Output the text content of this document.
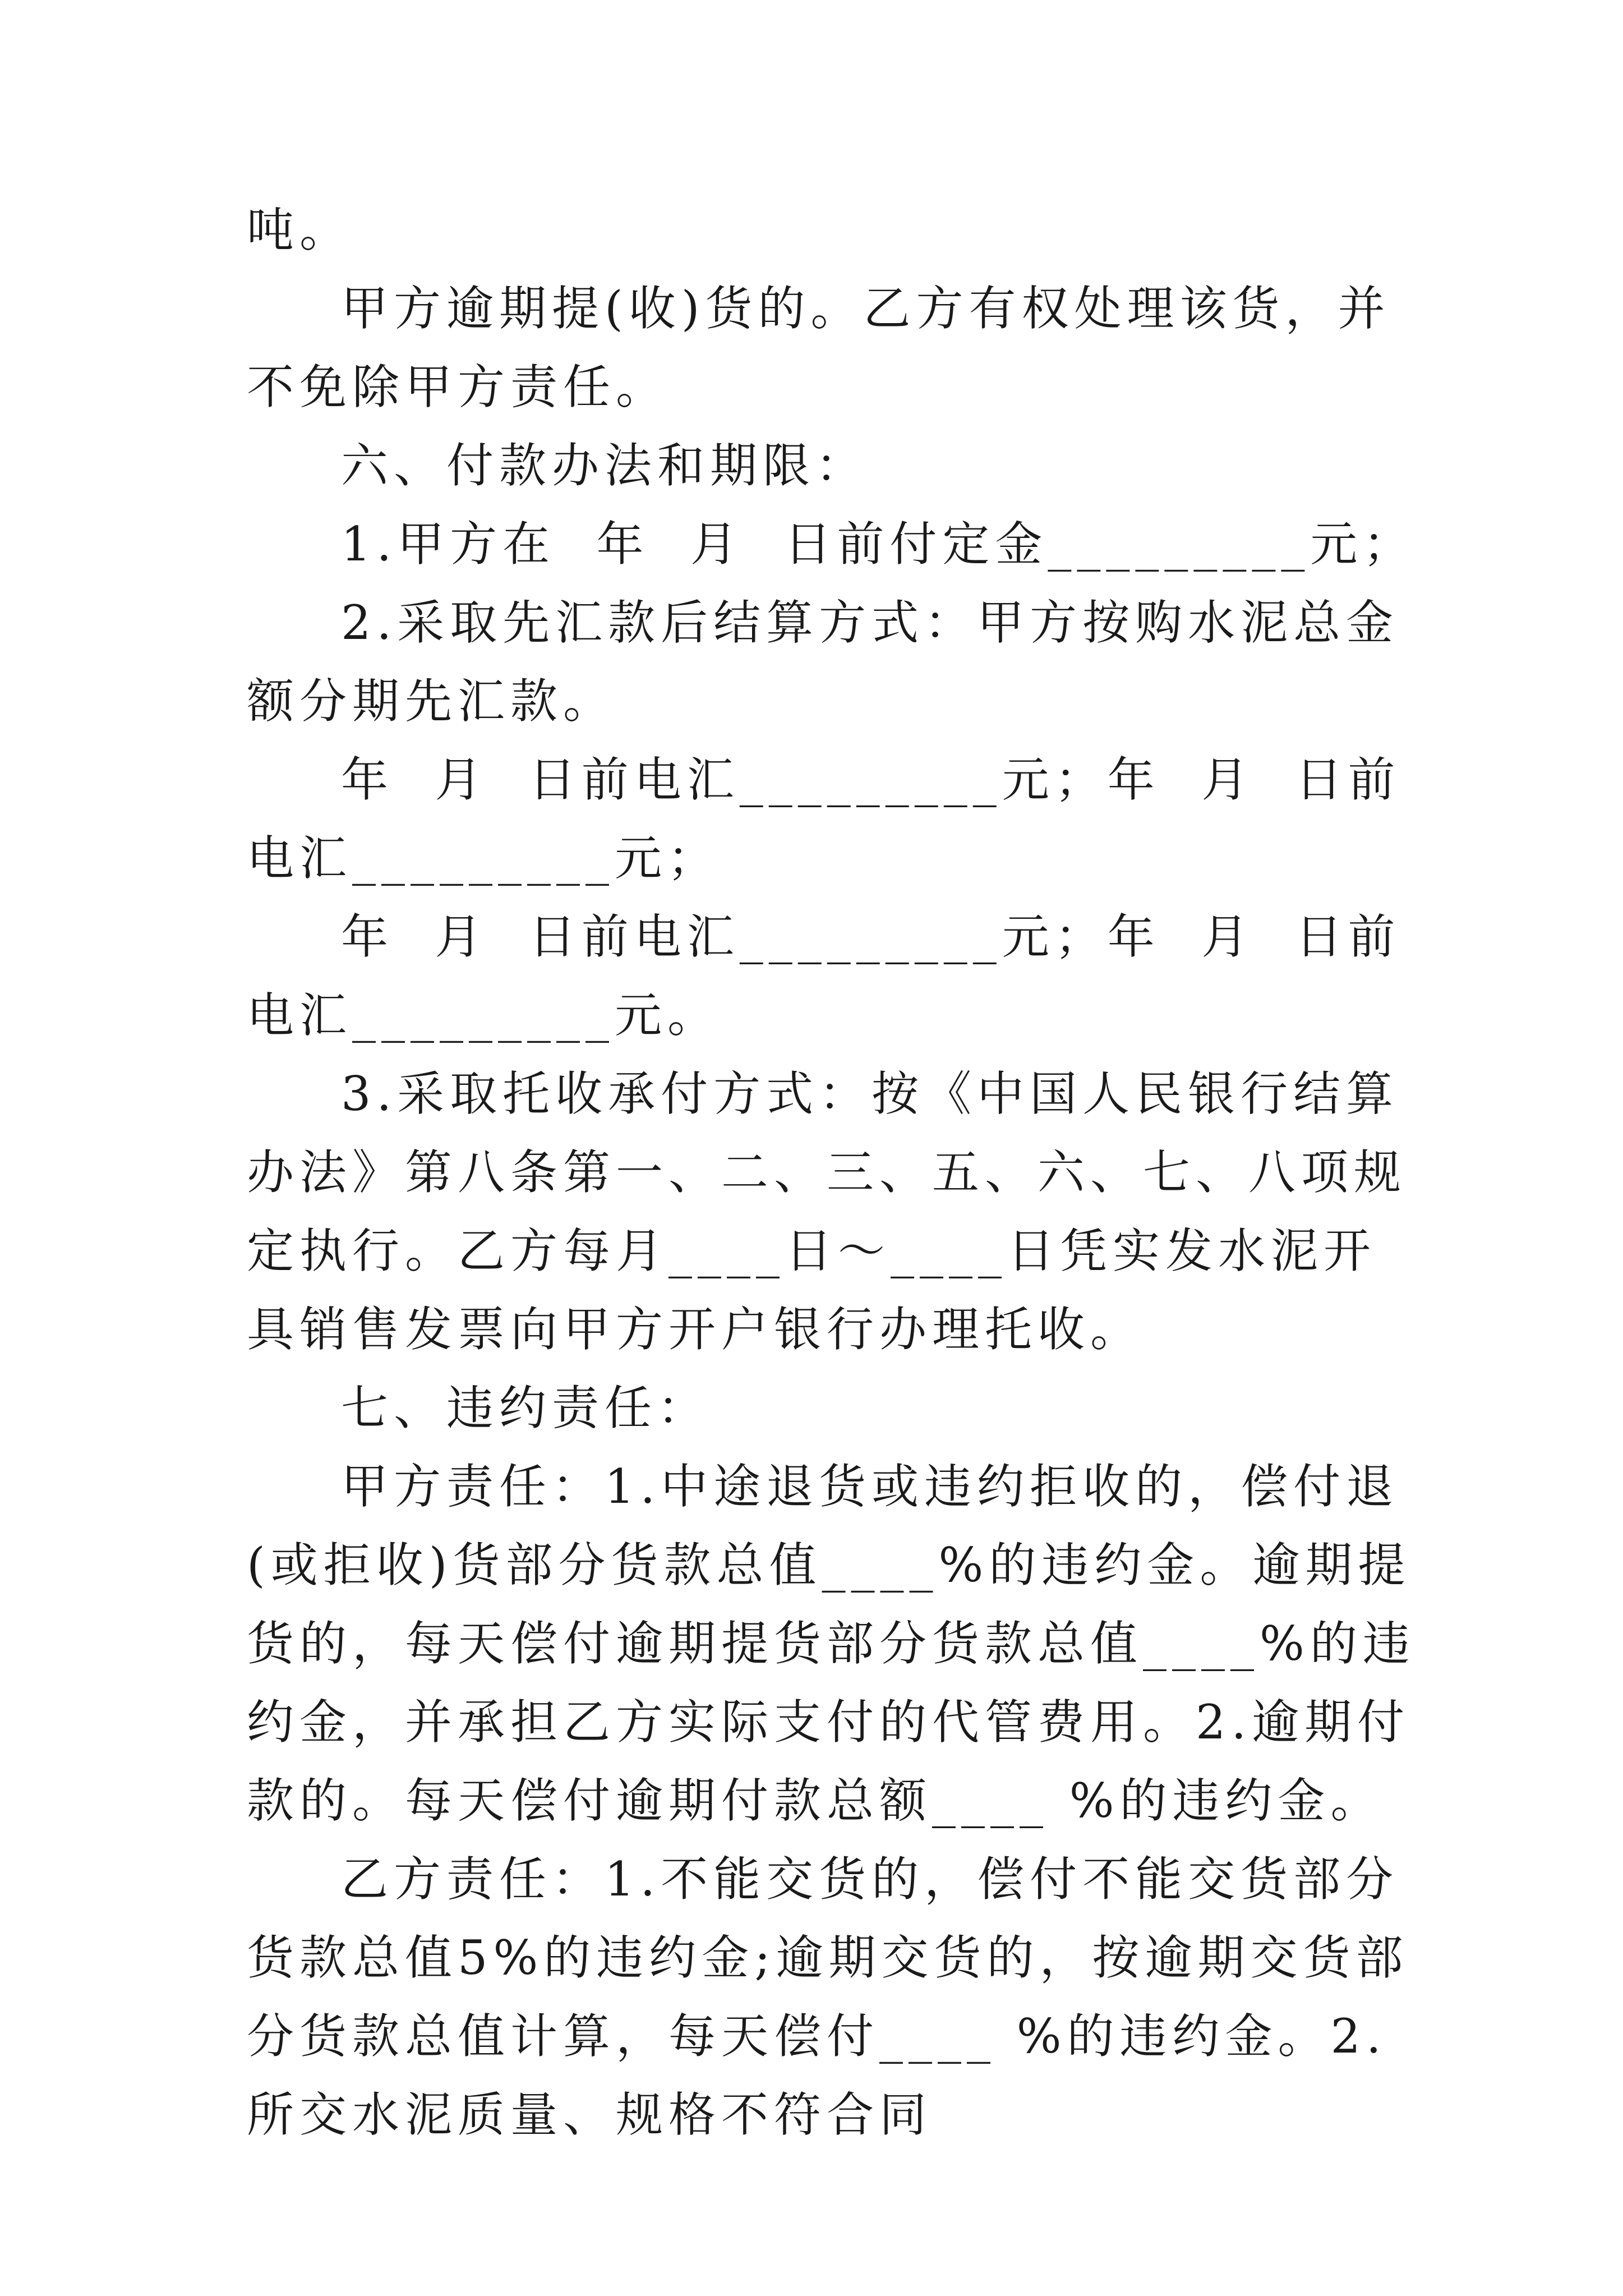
吨。

甲方逾期提(收)货的。乙方有权处理该货，并不免除甲方责任。

六、付款办法和期限：

1.甲方在  年  月  日前付定金_________元；

2.采取先汇款后结算方式：甲方按购水泥总金额分期先汇款。

年  月  日前电汇_________元；年  月  日前电汇_________元；

年  月  日前电汇_________元；年  月  日前电汇_________元。

3.采取托收承付方式：按《中国人民银行结算办法》第八条第一、二、三、五、六、七、八项规定执行。乙方每月____日～____日凭实发水泥开具销售发票向甲方开户银行办理托收。

七、违约责任：

甲方责任：1.中途退货或违约拒收的，偿付退(或拒收)货部分货款总值____%的违约金。逾期提货的，每天偿付逾期提货部分货款总值____%的违约金，并承担乙方实际支付的代管费用。2.逾期付款的。每天偿付逾期付款总额____ %的违约金。

乙方责任：1.不能交货的，偿付不能交货部分货款总值5%的违约金;逾期交货的，按逾期交货部分货款总值计算，每天偿付____ %的违约金。2.所交水泥质量、规格不符合同
